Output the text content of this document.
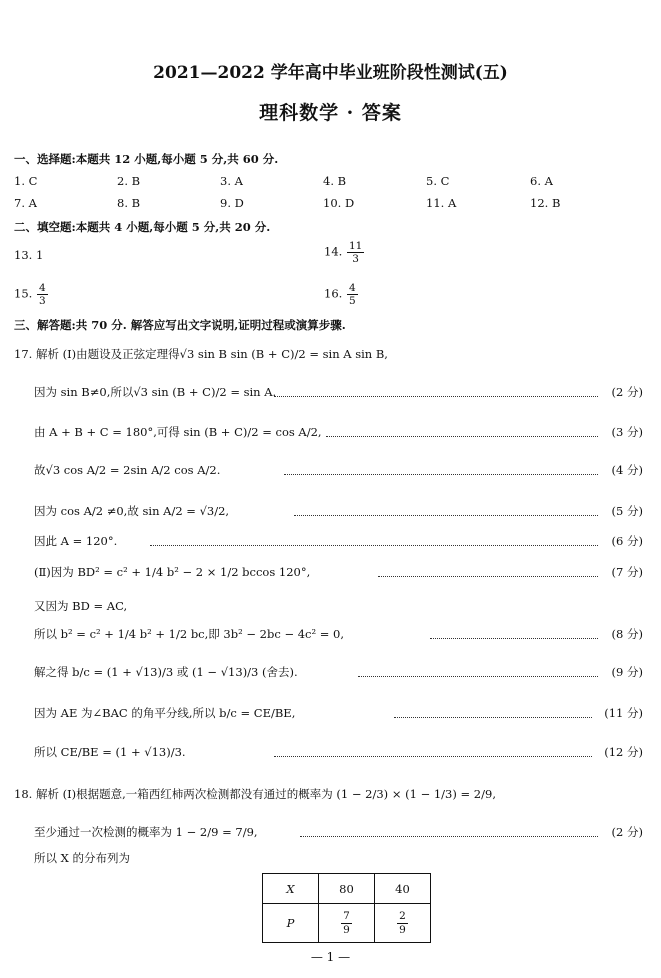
2021—2022 学年高中毕业班阶段性测试(五)
理科数学 · 答案
一、选择题:本题共 12 小题,每小题 5 分,共 60 分.
1. C	2. B	3. A	4. B	5. C	6. A
7. A	8. B	9. D	10. D	11. A	12. B
二、填空题:本题共 4 小题,每小题 5 分,共 20 分.
13. 1	14. $\frac{11}{3}$
15. $\frac{4}{3}$	16. $\frac{4}{5}$
三、解答题:共 70 分. 解答应写出文字说明,证明过程或演算步骤.
17. 解析 (Ⅰ)由题设及正弦定理得√3 sin B sin (B + C)/2 = sin A sin B,
因为 sin B≠0,所以√3 sin (B + C)/2 = sin A.	(2 分)
由 A + B + C = 180°,可得 sin (B + C)/2 = cos A/2,	(3 分)
故√3 cos A/2 = 2sin A/2 cos A/2.	(4 分)
因为 cos A/2 ≠0,故 sin A/2 = √3/2,	(5 分)
因此 A = 120°.	(6 分)
(Ⅱ)因为 BD² = c² + 1/4 b² − 2 × 1/2 bccos 120°,	(7 分)
又因为 BD = AC,
所以 b² = c² + 1/4 b² + 1/2 bc,即 3b² − 2bc − 4c² = 0,	(8 分)
解之得 b/c = (1 + √13)/3 或 (1 − √13)/3 (舍去).	(9 分)
因为 AE 为∠BAC 的角平分线,所以 b/c = CE/BE,	(11 分)
所以 CE/BE = (1 + √13)/3.	(12 分)
18. 解析 (Ⅰ)根据题意,一箱西红柿两次检测都没有通过的概率为 (1 − 2/3) × (1 − 1/3) = 2/9,
至少通过一次检测的概率为 1 − 2/9 = 7/9,	(2 分)
所以 X 的分布列为
X	80	40
P	$\frac{7}{9}$	$\frac{2}{9}$
— 1 —
